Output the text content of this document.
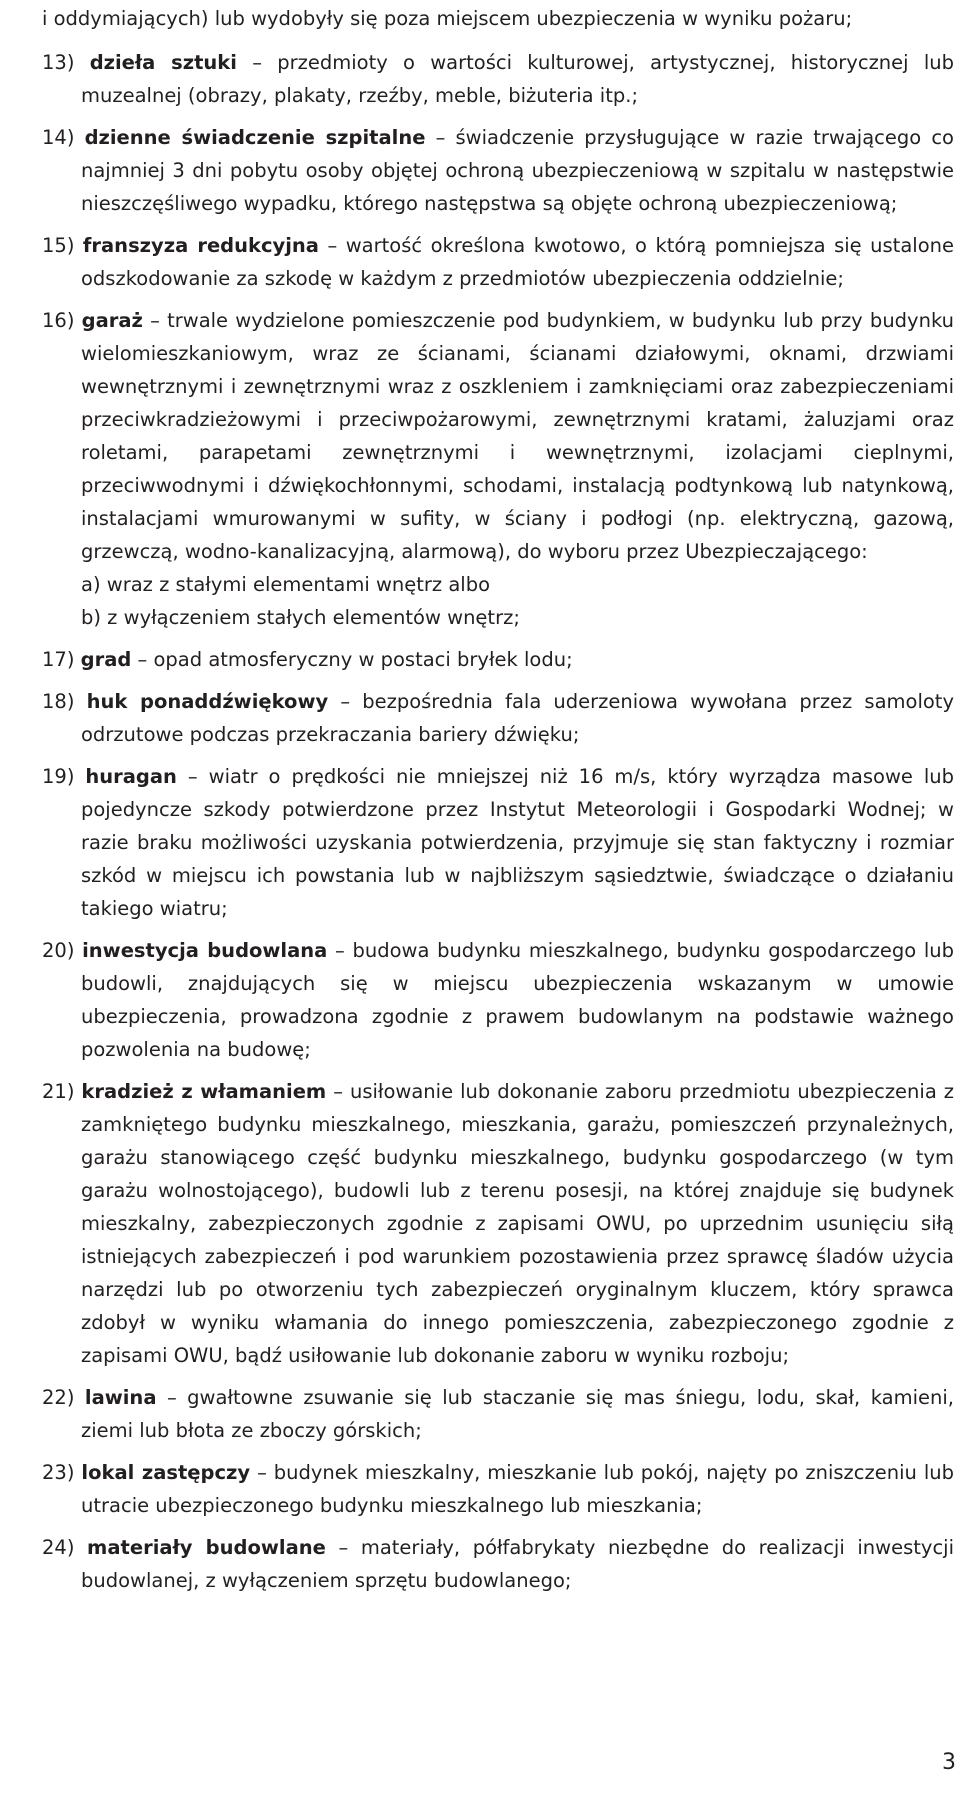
i oddymiających) lub wydobyły się poza miejscem ubezpieczenia w wyniku pożaru;
13) dzieła sztuki – przedmioty o wartości kulturowej, artystycznej, historycznej lub muzealnej (obrazy, plakaty, rzeźby, meble, biżuteria itp.;
14) dzienne świadczenie szpitalne – świadczenie przysługujące w razie trwającego co najmniej 3 dni pobytu osoby objętej ochroną ubezpieczeniową w szpitalu w następstwie nieszczęśliwego wypadku, którego następstwa są objęte ochroną ubezpieczeniową;
15) franszyza redukcyjna – wartość określona kwotowo, o którą pomniejsza się ustalone odszkodowanie za szkodę w każdym z przedmiotów ubezpieczenia oddzielnie;
16) garaż – trwale wydzielone pomieszczenie pod budynkiem, w budynku lub przy budynku wielomieszkaniowym, wraz ze ścianami, ścianami działowymi, oknami, drzwiami wewnętrznymi i zewnętrznymi wraz z oszkleniem i zamknięciami oraz zabezpieczeniami przeciwkradzieżowymi i przeciwpożarowymi, zewnętrznymi kratami, żaluzjami oraz roletami, parapetami zewnętrznymi i wewnętrznymi, izolacjami cieplnymi, przeciwwodnymi i dźwiękochłonnymi, schodami, instalacją podtynkową lub natynkową, instalacjami wmurowanymi w sufity, w ściany i podłogi (np. elektryczną, gazową, grzewczą, wodno-kanalizacyjną, alarmową), do wyboru przez Ubezpieczającego:
a) wraz z stałymi elementami wnętrz albo
b) z wyłączeniem stałych elementów wnętrz;
17) grad – opad atmosferyczny w postaci bryłek lodu;
18) huk ponaddźwiękowy – bezpośrednia fala uderzeniowa wywołana przez samoloty odrzutowe podczas przekraczania bariery dźwięku;
19) huragan – wiatr o prędkości nie mniejszej niż 16 m/s, który wyrządza masowe lub pojedyncze szkody potwierdzone przez Instytut Meteorologii i Gospodarki Wodnej; w razie braku możliwości uzyskania potwierdzenia, przyjmuje się stan faktyczny i rozmiar szkód w miejscu ich powstania lub w najbliższym sąsiedztwie, świadczące o działaniu takiego wiatru;
20) inwestycja budowlana – budowa budynku mieszkalnego, budynku gospodarczego lub budowli, znajdujących się w miejscu ubezpieczenia wskazanym w umowie ubezpieczenia, prowadzona zgodnie z prawem budowlanym na podstawie ważnego pozwolenia na budowę;
21) kradzież z włamaniem – usiłowanie lub dokonanie zaboru przedmiotu ubezpieczenia z zamkniętego budynku mieszkalnego, mieszkania, garażu, pomieszczeń przynależnych, garażu stanowiącego część budynku mieszkalnego, budynku gospodarczego (w tym garażu wolnostojącego), budowli lub z terenu posesji, na której znajduje się budynek mieszkalny, zabezpieczonych zgodnie z zapisami OWU, po uprzednim usunięciu siłą istniejących zabezpieczeń i pod warunkiem pozostawienia przez sprawcę śladów użycia narzędzi lub po otworzeniu tych zabezpieczeń oryginalnym kluczem, który sprawca zdobył w wyniku włamania do innego pomieszczenia, zabezpieczonego zgodnie z zapisami OWU, bądź usiłowanie lub dokonanie zaboru w wyniku rozboju;
22) lawina – gwałtowne zsuwanie się lub staczanie się mas śniegu, lodu, skał, kamieni, ziemi lub błota ze zboczy górskich;
23) lokal zastępczy – budynek mieszkalny, mieszkanie lub pokój, najęty po zniszczeniu lub utracie ubezpieczonego budynku mieszkalnego lub mieszkania;
24) materiały budowlane – materiały, półfabrykaty niezbędne do realizacji inwestycji budowlanej, z wyłączeniem sprzętu budowlanego;
3
